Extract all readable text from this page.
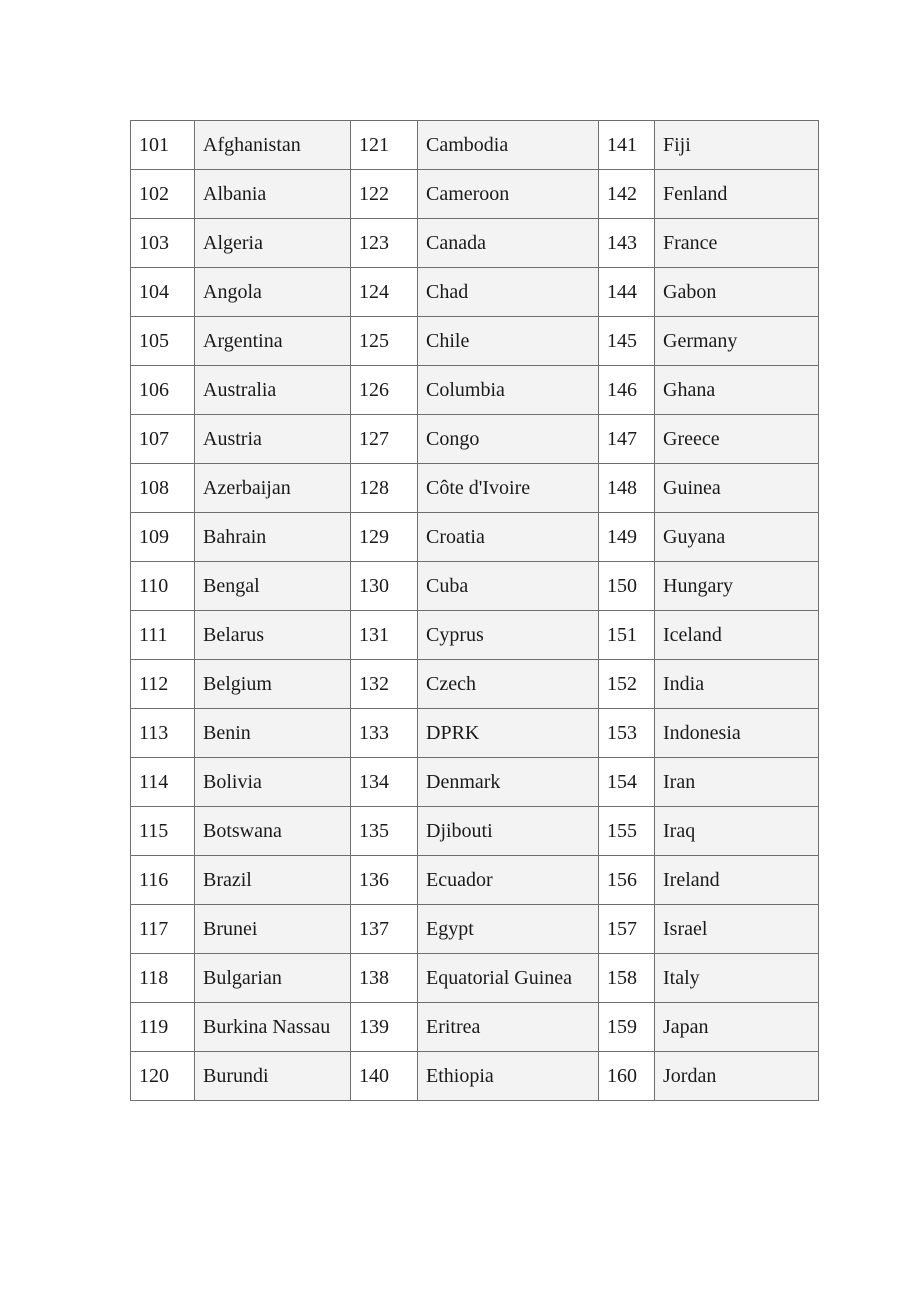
101	Afghanistan	121	Cambodia	141	Fiji
102	Albania	122	Cameroon	142	Fenland
103	Algeria	123	Canada	143	France
104	Angola	124	Chad	144	Gabon
105	Argentina	125	Chile	145	Germany
106	Australia	126	Columbia	146	Ghana
107	Austria	127	Congo	147	Greece
108	Azerbaijan	128	Côte d'Ivoire	148	Guinea
109	Bahrain	129	Croatia	149	Guyana
110	Bengal	130	Cuba	150	Hungary
111	Belarus	131	Cyprus	151	Iceland
112	Belgium	132	Czech	152	India
113	Benin	133	DPRK	153	Indonesia
114	Bolivia	134	Denmark	154	Iran
115	Botswana	135	Djibouti	155	Iraq
116	Brazil	136	Ecuador	156	Ireland
117	Brunei	137	Egypt	157	Israel
118	Bulgarian	138	Equatorial Guinea	158	Italy
119	Burkina Nassau	139	Eritrea	159	Japan
120	Burundi	140	Ethiopia	160	Jordan
